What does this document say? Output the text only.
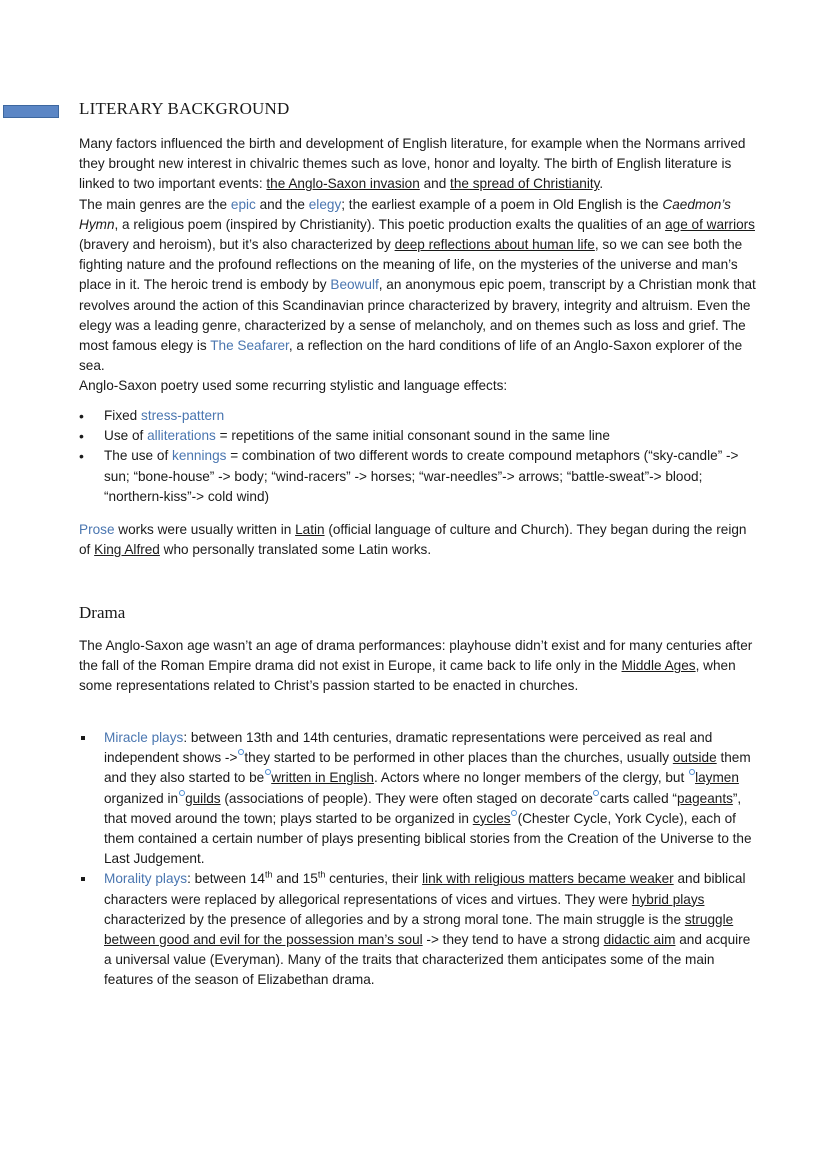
LITERARY BACKGROUND

Many factors influenced the birth and development of English literature, for example when the Normans arrived they brought new interest in chivalric themes such as love, honor and loyalty. The birth of English literature is linked to two important events: the Anglo-Saxon invasion and the spread of Christianity.
The main genres are the epic and the elegy; the earliest example of a poem in Old English is the Caedmon’s Hymn, a religious poem (inspired by Christianity). This poetic production exalts the qualities of an age of warriors (bravery and heroism), but it’s also characterized by deep reflections about human life, so we can see both the fighting nature and the profound reflections on the meaning of life, on the mysteries of the universe and man’s place in it. The heroic trend is embody by Beowulf, an anonymous epic poem, transcript by a Christian monk that revolves around the action of this Scandinavian prince characterized by bravery, integrity and altruism. Even the elegy was a leading genre, characterized by a sense of melancholy, and on themes such as loss and grief. The most famous elegy is The Seafarer, a reflection on the hard conditions of life of an Anglo-Saxon explorer of the sea.
Anglo-Saxon poetry used some recurring stylistic and language effects:

• Fixed stress-pattern
• Use of alliterations = repetitions of the same initial consonant sound in the same line
• The use of kennings = combination of two different words to create compound metaphors (“sky-candle” -> sun; “bone-house” -> body; “wind-racers” -> horses; “war-needles”-> arrows; “battle-sweat”-> blood; “northern-kiss”-> cold wind)

Prose works were usually written in Latin (official language of culture and Church). They began during the reign of King Alfred who personally translated some Latin works.

Drama

The Anglo-Saxon age wasn’t an age of drama performances: playhouse didn’t exist and for many centuries after the fall of the Roman Empire drama did not exist in Europe, it came back to life only in the Middle Ages, when some representations related to Christ’s passion started to be enacted in churches.

Miracle plays: between 13th and 14th centuries, dramatic representations were perceived as real and independent shows -> they started to be performed in other places than the churches, usually outside them and they also started to be written in English. Actors where no longer members of the clergy, but laymen organized in guilds (associations of people). They were often staged on decorate carts called “pageants”, that moved around the town; plays started to be organized in cycles (Chester Cycle, York Cycle), each of them contained a certain number of plays presenting biblical stories from the Creation of the Universe to the Last Judgement.
Morality plays: between 14th and 15th centuries, their link with religious matters became weaker and biblical characters were replaced by allegorical representations of vices and virtues. They were hybrid plays characterized by the presence of allegories and by a strong moral tone. The main struggle is the struggle between good and evil for the possession man’s soul -> they tend to have a strong didactic aim and acquire a universal value (Everyman). Many of the traits that characterized them anticipates some of the main features of the season of Elizabethan drama.
